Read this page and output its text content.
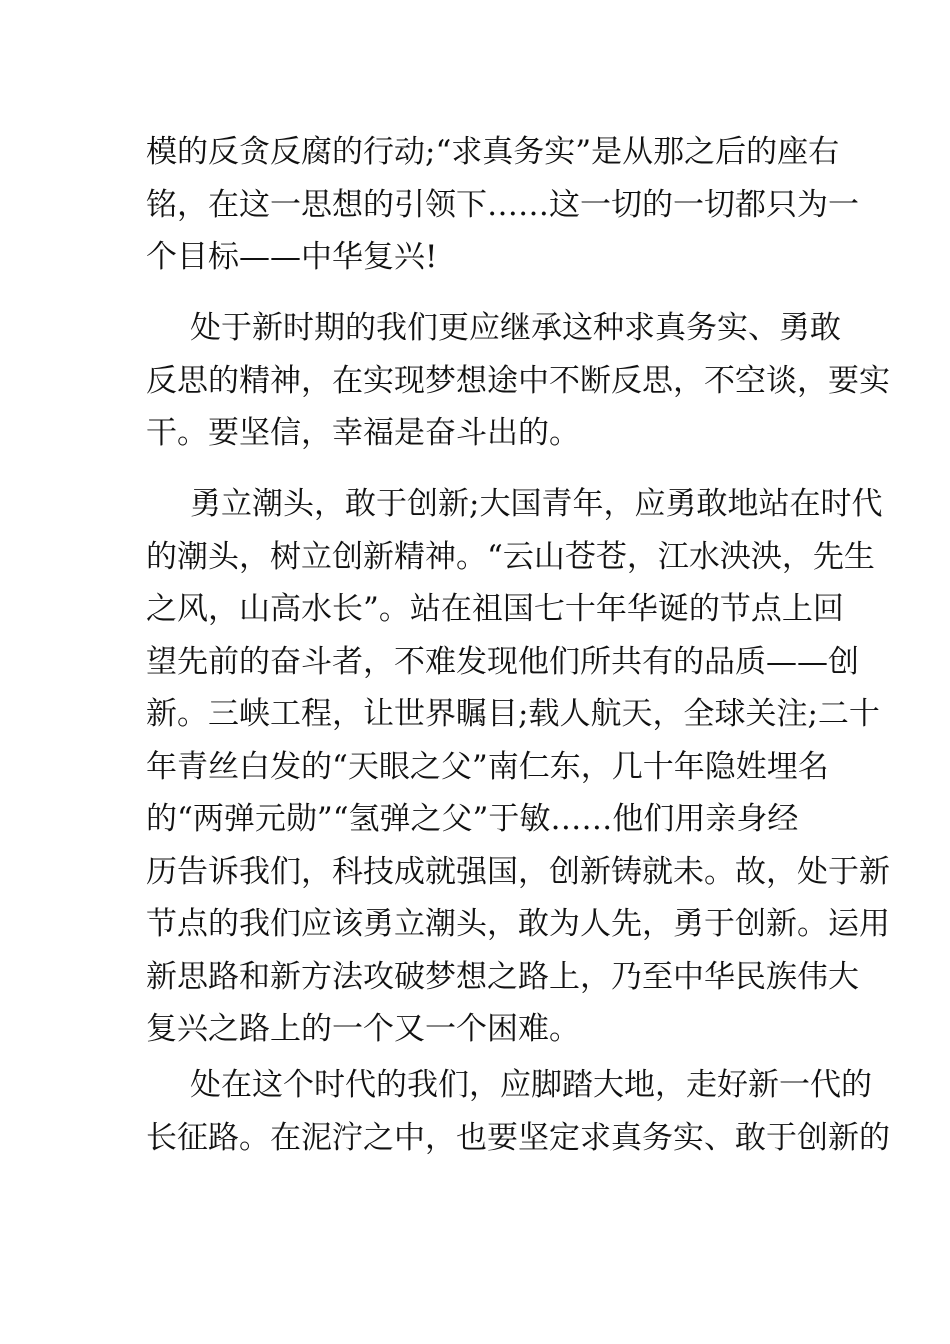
模的反贪反腐的行动;“求真务实”是从那之后的座右
铭，在这一思想的引领下……这一切的一切都只为一
个目标——中华复兴!
处于新时期的我们更应继承这种求真务实、勇敢
反思的精神，在实现梦想途中不断反思，不空谈，要实
干。要坚信，幸福是奋斗出的。
勇立潮头，敢于创新;大国青年，应勇敢地站在时代
的潮头，树立创新精神。“云山苍苍，江水泱泱，先生
之风，山高水长”。站在祖国七十年华诞的节点上回
望先前的奋斗者，不难发现他们所共有的品质——创
新。三峡工程，让世界瞩目;载人航天，全球关注;二十
年青丝白发的“天眼之父”南仁东，几十年隐姓埋名
的“两弹元勋”“氢弹之父”于敏……他们用亲身经
历告诉我们，科技成就强国，创新铸就未。故，处于新
节点的我们应该勇立潮头，敢为人先，勇于创新。运用
新思路和新方法攻破梦想之路上，乃至中华民族伟大
复兴之路上的一个又一个困难。
处在这个时代的我们，应脚踏大地，走好新一代的
长征路。在泥泞之中，也要坚定求真务实、敢于创新的
